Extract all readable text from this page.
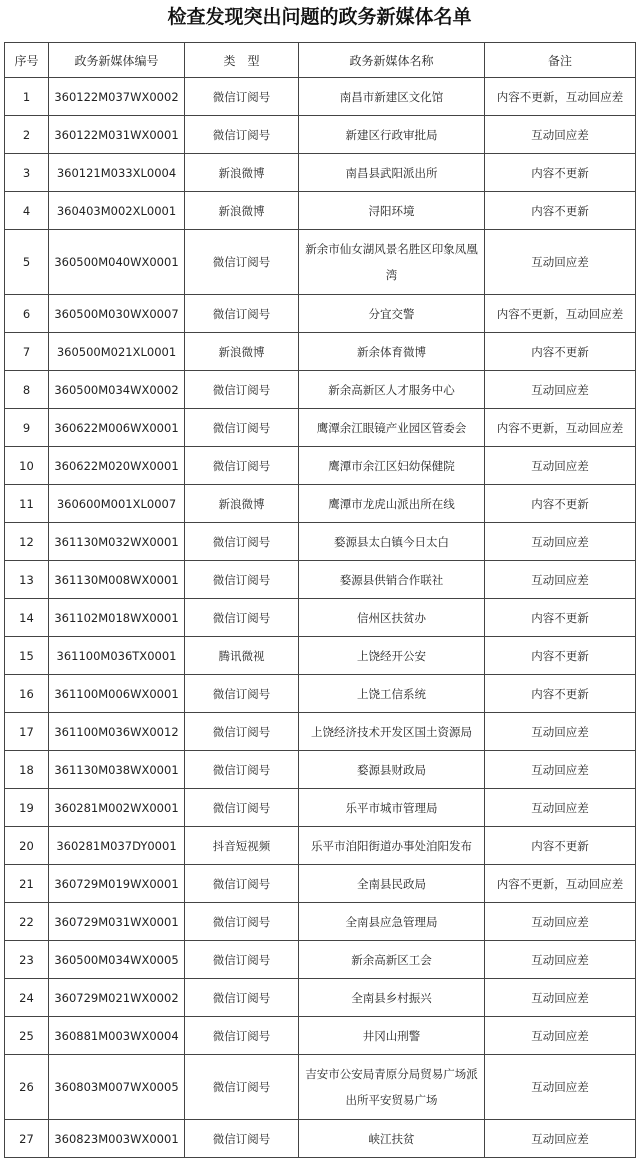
检查发现突出问题的政务新媒体名单
序号	政务新媒体编号	类　型	政务新媒体名称	备注
1	360122M037WX0002	微信订阅号	南昌市新建区文化馆	内容不更新，互动回应差
2	360122M031WX0001	微信订阅号	新建区行政审批局	互动回应差
3	360121M033XL0004	新浪微博	南昌县武阳派出所	内容不更新
4	360403M002XL0001	新浪微博	浔阳环境	内容不更新
5	360500M040WX0001	微信订阅号	新余市仙女湖风景名胜区印象凤凰湾	互动回应差
6	360500M030WX0007	微信订阅号	分宜交警	内容不更新，互动回应差
7	360500M021XL0001	新浪微博	新余体育微博	内容不更新
8	360500M034WX0002	微信订阅号	新余高新区人才服务中心	互动回应差
9	360622M006WX0001	微信订阅号	鹰潭余江眼镜产业园区管委会	内容不更新，互动回应差
10	360622M020WX0001	微信订阅号	鹰潭市余江区妇幼保健院	互动回应差
11	360600M001XL0007	新浪微博	鹰潭市龙虎山派出所在线	内容不更新
12	361130M032WX0001	微信订阅号	婺源县太白镇今日太白	互动回应差
13	361130M008WX0001	微信订阅号	婺源县供销合作联社	互动回应差
14	361102M018WX0001	微信订阅号	信州区扶贫办	内容不更新
15	361100M036TX0001	腾讯微视	上饶经开公安	内容不更新
16	361100M006WX0001	微信订阅号	上饶工信系统	内容不更新
17	361100M036WX0012	微信订阅号	上饶经济技术开发区国土资源局	互动回应差
18	361130M038WX0001	微信订阅号	婺源县财政局	互动回应差
19	360281M002WX0001	微信订阅号	乐平市城市管理局	互动回应差
20	360281M037DY0001	抖音短视频	乐平市洎阳街道办事处洎阳发布	内容不更新
21	360729M019WX0001	微信订阅号	全南县民政局	内容不更新，互动回应差
22	360729M031WX0001	微信订阅号	全南县应急管理局	互动回应差
23	360500M034WX0005	微信订阅号	新余高新区工会	互动回应差
24	360729M021WX0002	微信订阅号	全南县乡村振兴	互动回应差
25	360881M003WX0004	微信订阅号	井冈山刑警	互动回应差
26	360803M007WX0005	微信订阅号	吉安市公安局青原分局贸易广场派出所平安贸易广场	互动回应差
27	360823M003WX0001	微信订阅号	峡江扶贫	互动回应差
